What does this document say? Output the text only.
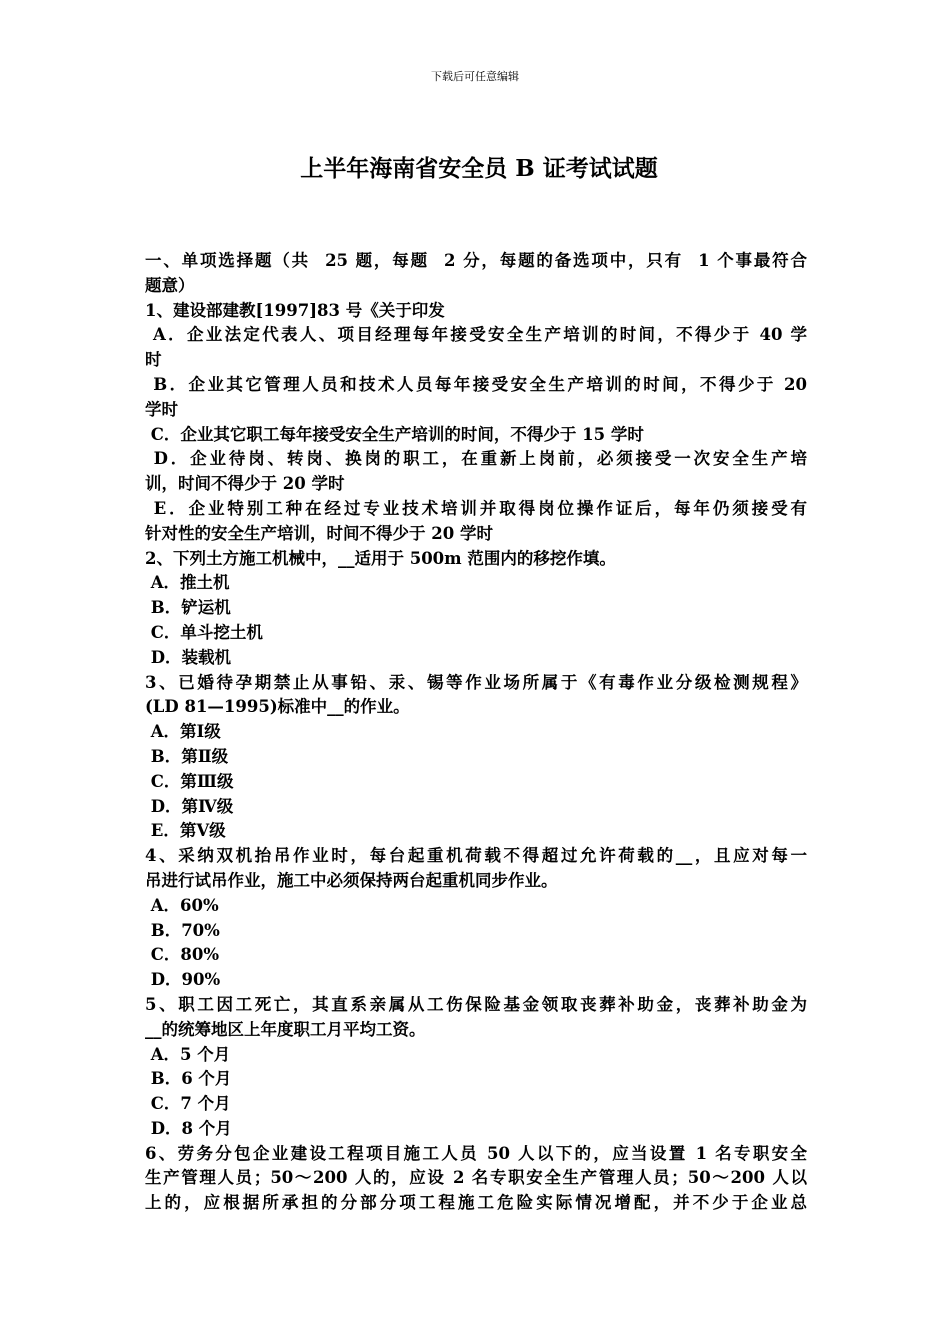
下载后可任意编辑
上半年海南省安全员 B 证考试试题
一、单项选择题（共  25 题，每题  2 分，每题的备选项中，只有  1 个事最符合
题意）
1、建设部建教[1997]83 号《关于印发
A．企业法定代表人、项目经理每年接受安全生产培训的时间，不得少于 40 学
时
B．企业其它管理人员和技术人员每年接受安全生产培训的时间，不得少于 20
学时
C．企业其它职工每年接受安全生产培训的时间，不得少于 15 学时
D．企业待岗、转岗、换岗的职工，在重新上岗前，必须接受一次安全生产培
训，时间不得少于 20 学时
E．企业特别工种在经过专业技术培训并取得岗位操作证后，每年仍须接受有
针对性的安全生产培训，时间不得少于 20 学时
2、下列土方施工机械中，__适用于 500m 范围内的移挖作填。
A．推土机
B．铲运机
C．单斗挖土机
D．装载机
3、已婚待孕期禁止从事铅、汞、锡等作业场所属于《有毒作业分级检测规程》
(LD 81—1995)标准中__的作业。
A．第Ⅰ级
B．第Ⅱ级
C．第Ⅲ级
D．第Ⅳ级
E．第Ⅴ级
4、采纳双机抬吊作业时，每台起重机荷载不得超过允许荷载的__，且应对每一
吊进行试吊作业，施工中必须保持两台起重机同步作业。
A．60%
B．70%
C．80%
D．90%
5、职工因工死亡，其直系亲属从工伤保险基金领取丧葬补助金，丧葬补助金为
__的统筹地区上年度职工月平均工资。
A．5 个月
B．6 个月
C．7 个月
D．8 个月
6、劳务分包企业建设工程项目施工人员 50 人以下的，应当设置 1 名专职安全
生产管理人员；50～200 人的，应设 2 名专职安全生产管理人员；50～200 人以
上的，应根据所承担的分部分项工程施工危险实际情况增配，并不少于企业总
